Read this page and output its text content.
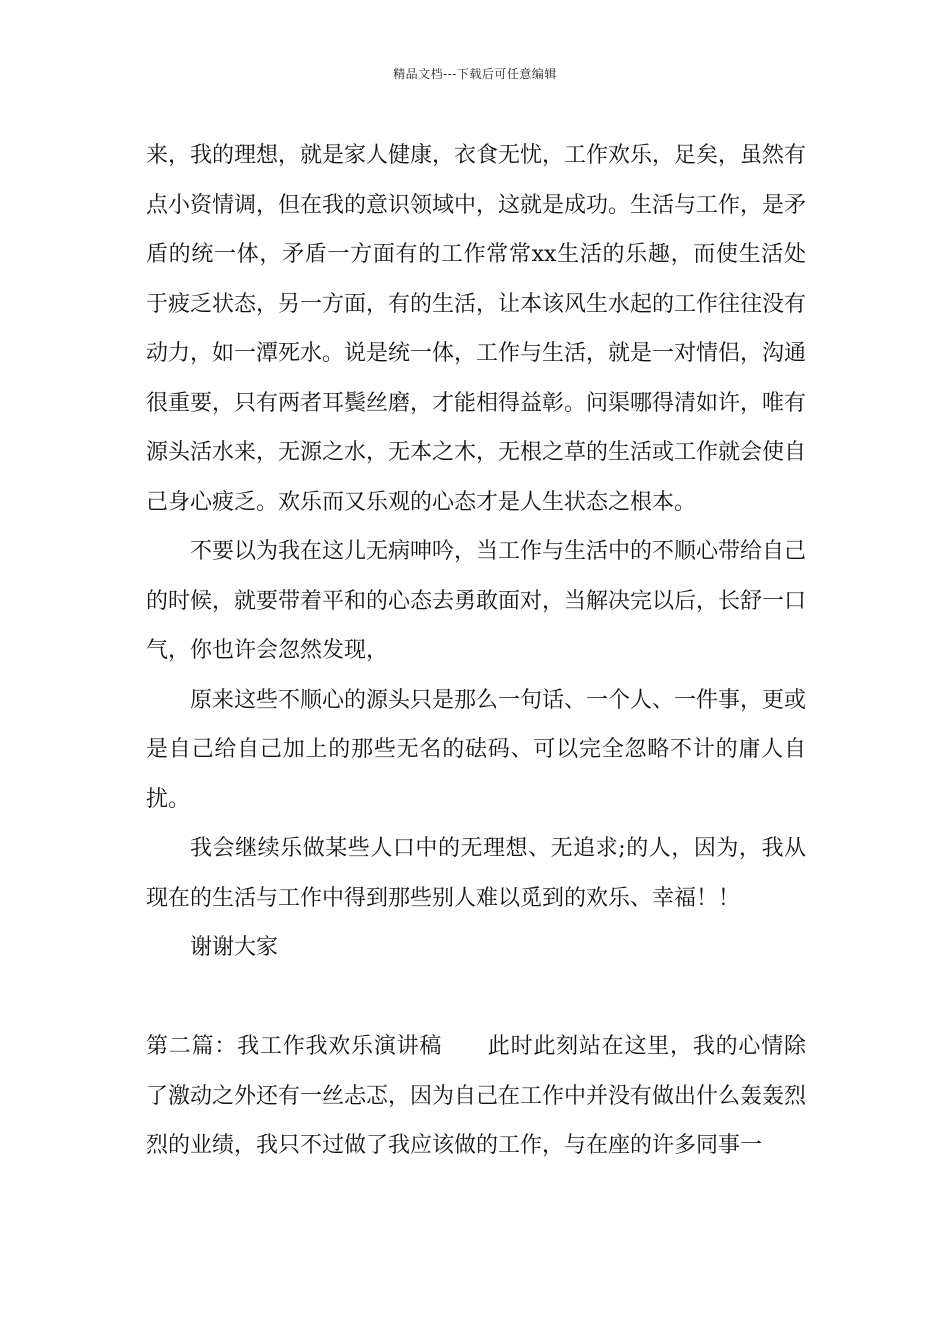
精品文档---下载后可任意编辑

来，我的理想，就是家人健康，衣食无忧，工作欢乐，足矣，虽然有点小资情调，但在我的意识领域中，这就是成功。生活与工作，是矛盾的统一体，矛盾一方面有的工作常常xx生活的乐趣，而使生活处于疲乏状态，另一方面，有的生活，让本该风生水起的工作往往没有动力，如一潭死水。说是统一体，工作与生活，就是一对情侣，沟通很重要，只有两者耳鬓丝磨，才能相得益彰。问渠哪得清如许，唯有源头活水来，无源之水，无本之木，无根之草的生活或工作就会使自己身心疲乏。欢乐而又乐观的心态才是人生状态之根本。

不要以为我在这儿无病呻吟，当工作与生活中的不顺心带给自己的时候，就要带着平和的心态去勇敢面对，当解决完以后，长舒一口气，你也许会忽然发现，

原来这些不顺心的源头只是那么一句话、一个人、一件事，更或是自己给自己加上的那些无名的砝码、可以完全忽略不计的庸人自扰。

我会继续乐做某些人口中的无理想、无追求;的人，因为，我从现在的生活与工作中得到那些别人难以觅到的欢乐、幸福！！

谢谢大家

第二篇：我工作我欢乐演讲稿　　 此时此刻站在这里，我的心情除了激动之外还有一丝忐忑，因为自己在工作中并没有做出什么轰轰烈烈的业绩，我只不过做了我应该做的工作，与在座的许多同事一
